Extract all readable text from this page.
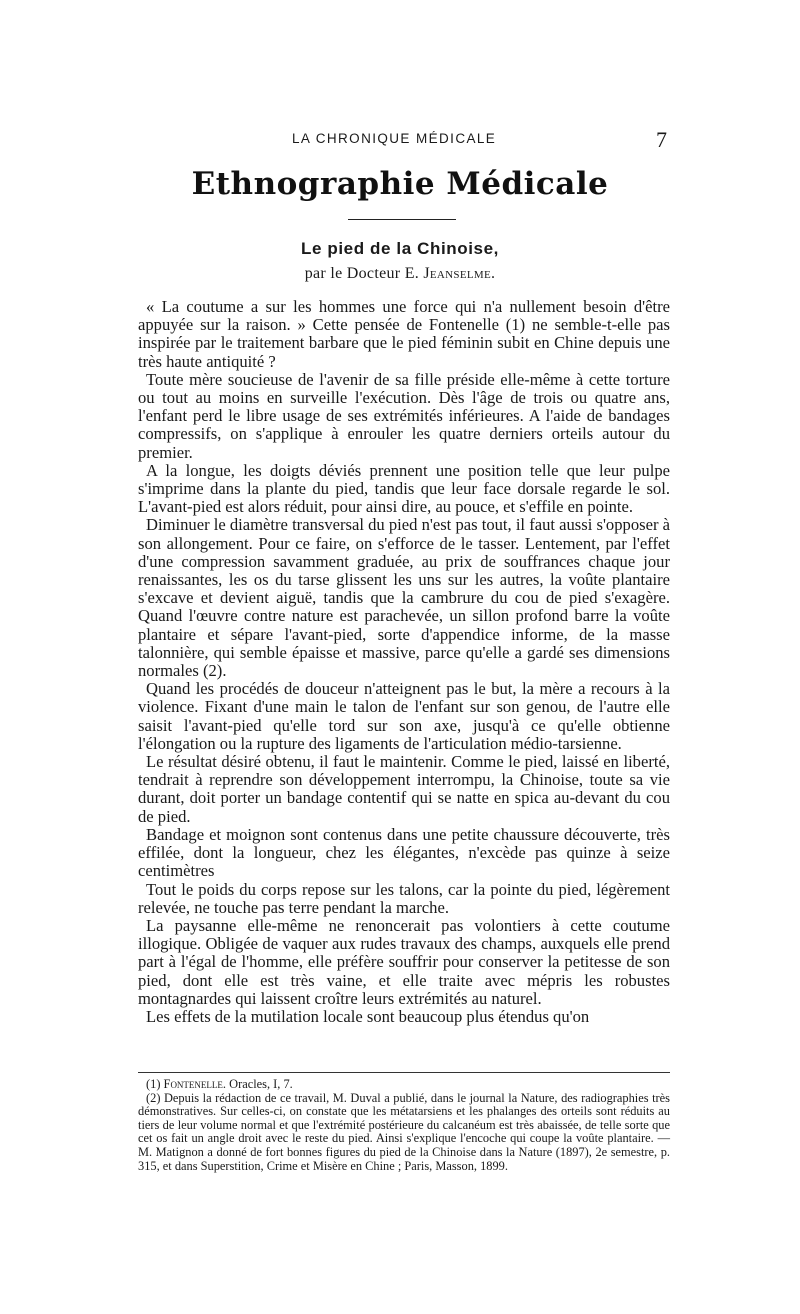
LA CHRONIQUE MÉDICALE	7
Ethnographie Médicale
Le pied de la Chinoise,
par le Docteur E. Jeanselme.

« La coutume a sur les hommes une force qui n'a nullement besoin d'être appuyée sur la raison. » Cette pensée de Fontenelle (1) ne semble-t-elle pas inspirée par le traitement barbare que le pied féminin subit en Chine depuis une très haute antiquité ?

Toute mère soucieuse de l'avenir de sa fille préside elle-même à cette torture ou tout au moins en surveille l'exécution. Dès l'âge de trois ou quatre ans, l'enfant perd le libre usage de ses extrémités inférieures. A l'aide de bandages compressifs, on s'applique à enrouler les quatre derniers orteils autour du premier.

A la longue, les doigts déviés prennent une position telle que leur pulpe s'imprime dans la plante du pied, tandis que leur face dorsale regarde le sol. L'avant-pied est alors réduit, pour ainsi dire, au pouce, et s'effile en pointe.

Diminuer le diamètre transversal du pied n'est pas tout, il faut aussi s'opposer à son allongement. Pour ce faire, on s'efforce de le tasser. Lentement, par l'effet d'une compression savamment graduée, au prix de souffrances chaque jour renaissantes, les os du tarse glissent les uns sur les autres, la voûte plantaire s'excave et devient aiguë, tandis que la cambrure du cou de pied s'exagère. Quand l'œuvre contre nature est parachevée, un sillon profond barre la voûte plantaire et sépare l'avant-pied, sorte d'appendice informe, de la masse talonnière, qui semble épaisse et massive, parce qu'elle a gardé ses dimensions normales (2).

Quand les procédés de douceur n'atteignent pas le but, la mère a recours à la violence. Fixant d'une main le talon de l'enfant sur son genou, de l'autre elle saisit l'avant-pied qu'elle tord sur son axe, jusqu'à ce qu'elle obtienne l'élongation ou la rupture des ligaments de l'articulation médio-tarsienne.

Le résultat désiré obtenu, il faut le maintenir. Comme le pied, laissé en liberté, tendrait à reprendre son développement interrompu, la Chinoise, toute sa vie durant, doit porter un bandage contentif qui se natte en spica au-devant du cou de pied.

Bandage et moignon sont contenus dans une petite chaussure découverte, très effilée, dont la longueur, chez les élégantes, n'excède pas quinze à seize centimètres

Tout le poids du corps repose sur les talons, car la pointe du pied, légèrement relevée, ne touche pas terre pendant la marche.

La paysanne elle-même ne renoncerait pas volontiers à cette coutume illogique. Obligée de vaquer aux rudes travaux des champs, auxquels elle prend part à l'égal de l'homme, elle préfère souffrir pour conserver la petitesse de son pied, dont elle est très vaine, et elle traite avec mépris les robustes montagnardes qui laissent croître leurs extrémités au naturel.

Les effets de la mutilation locale sont beaucoup plus étendus qu'on

(1) Fontenelle. Oracles, I, 7.

(2) Depuis la rédaction de ce travail, M. Duval a publié, dans le journal la Nature, des radiographies très démonstratives. Sur celles-ci, on constate que les métatarsiens et les phalanges des orteils sont réduits au tiers de leur volume normal et que l'extrémité postérieure du calcanéum est très abaissée, de telle sorte que cet os fait un angle droit avec le reste du pied. Ainsi s'explique l'encoche qui coupe la voûte plantaire. — M. Matignon a donné de fort bonnes figures du pied de la Chinoise dans la Nature (1897), 2e semestre, p. 315, et dans Superstition, Crime et Misère en Chine ; Paris, Masson, 1899.
